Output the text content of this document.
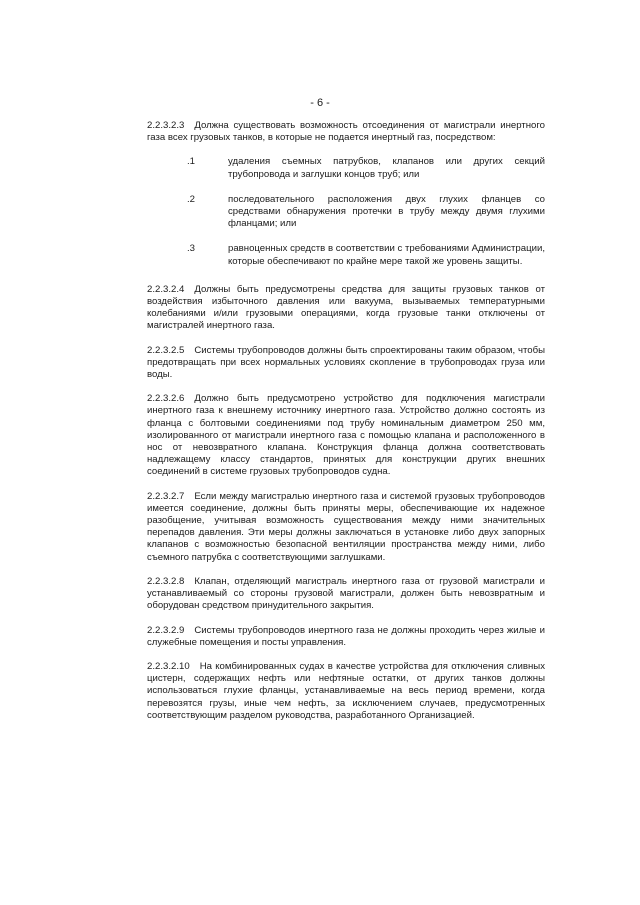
- 6 -
2.2.3.2.3 Должна существовать возможность отсоединения от магистрали инертного газа всех грузовых танков, в которые не подается инертный газ, посредством:
.1	удаления съемных патрубков, клапанов или других секций трубопровода и заглушки концов труб; или
.2	последовательного расположения двух глухих фланцев со средствами обнаружения протечки в трубу между двумя глухими фланцами; или
.3	равноценных средств в соответствии с требованиями Администрации, которые обеспечивают по крайне мере такой же уровень защиты.
2.2.3.2.4 Должны быть предусмотрены средства для защиты грузовых танков от воздействия избыточного давления или вакуума, вызываемых температурными колебаниями и/или грузовыми операциями, когда грузовые танки отключены от магистралей инертного газа.
2.2.3.2.5 Системы трубопроводов должны быть спроектированы таким образом, чтобы предотвращать при всех нормальных условиях скопление в трубопроводах груза или воды.
2.2.3.2.6 Должно быть предусмотрено устройство для подключения магистрали инертного газа к внешнему источнику инертного газа. Устройство должно состоять из фланца с болтовыми соединениями под трубу номинальным диаметром 250 мм, изолированного от магистрали инертного газа с помощью клапана и расположенного в нос от невозвратного клапана. Конструкция фланца должна соответствовать надлежащему классу стандартов, принятых для конструкции других внешних соединений в системе грузовых трубопроводов судна.
2.2.3.2.7 Если между магистралью инертного газа и системой грузовых трубопроводов имеется соединение, должны быть приняты меры, обеспечивающие их надежное разобщение, учитывая возможность существования между ними значительных перепадов давления. Эти меры должны заключаться в установке либо двух запорных клапанов с возможностью безопасной вентиляции пространства между ними, либо съемного патрубка с соответствующими заглушками.
2.2.3.2.8 Клапан, отделяющий магистраль инертного газа от грузовой магистрали и устанавливаемый со стороны грузовой магистрали, должен быть невозвратным и оборудован средством принудительного закрытия.
2.2.3.2.9 Системы трубопроводов инертного газа не должны проходить через жилые и служебные помещения и посты управления.
2.2.3.2.10 На комбинированных судах в качестве устройства для отключения сливных цистерн, содержащих нефть или нефтяные остатки, от других танков должны использоваться глухие фланцы, устанавливаемые на весь период времени, когда перевозятся грузы, иные чем нефть, за исключением случаев, предусмотренных соответствующим разделом руководства, разработанного Организацией.
